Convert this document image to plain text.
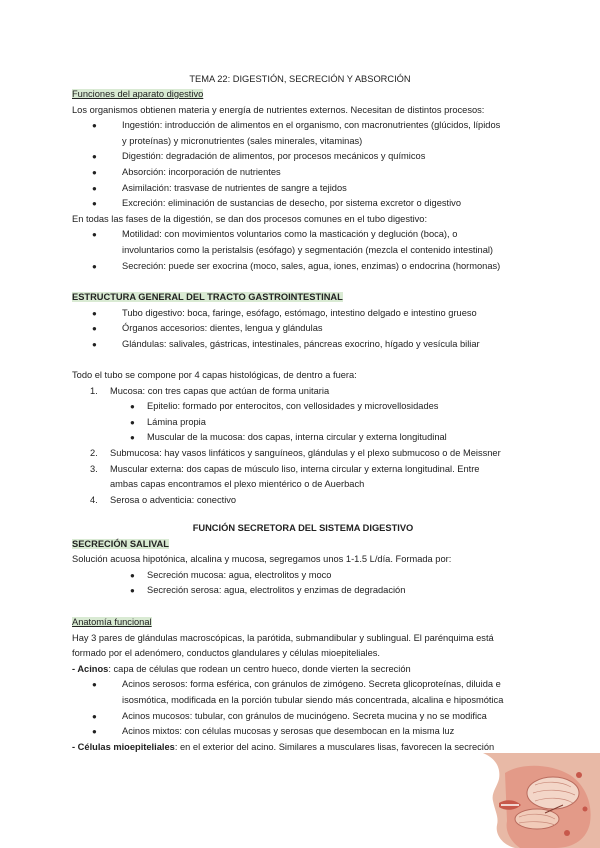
TEMA 22: DIGESTIÓN, SECRECIÓN Y ABSORCIÓN
Funciones del aparato digestivo
Los organismos obtienen materia y energía de nutrientes externos. Necesitan de distintos procesos:
● Ingestión: introducción de alimentos en el organismo, con macronutrientes (glúcidos, lípidos
y proteínas) y micronutrientes (sales minerales, vitaminas)
● Digestión: degradación de alimentos, por procesos mecánicos y químicos
● Absorción: incorporación de nutrientes
● Asimilación: trasvase de nutrientes de sangre a tejidos
● Excreción: eliminación de sustancias de desecho, por sistema excretor o digestivo
En todas las fases de la digestión, se dan dos procesos comunes en el tubo digestivo:
● Motilidad: con movimientos voluntarios como la masticación y deglución (boca), o
involuntarios como la peristalsis (esófago) y segmentación (mezcla el contenido intestinal)
● Secreción: puede ser exocrina (moco, sales, agua, iones, enzimas) o endocrina (hormonas)
ESTRUCTURA GENERAL DEL TRACTO GASTROINTESTINAL
● Tubo digestivo: boca, faringe, esófago, estómago, intestino delgado e intestino grueso
● Órganos accesorios: dientes, lengua y glándulas
● Glándulas: salivales, gástricas, intestinales, páncreas exocrino, hígado y vesícula biliar
Todo el tubo se compone por 4 capas histológicas, de dentro a fuera:
1. Mucosa: con tres capas que actúan de forma unitaria
● Epitelio: formado por enterocitos, con vellosidades y microvellosidades
● Lámina propia
● Muscular de la mucosa: dos capas, interna circular y externa longitudinal
2. Submucosa: hay vasos linfáticos y sanguíneos, glándulas y el plexo submucoso o de Meissner
3. Muscular externa: dos capas de músculo liso, interna circular y externa longitudinal. Entre
ambas capas encontramos el plexo mientérico o de Auerbach
4. Serosa o adventicia: conectivo
FUNCIÓN SECRETORA DEL SISTEMA DIGESTIVO
SECRECIÓN SALIVAL
Solución acuosa hipotónica, alcalina y mucosa, segregamos unos 1-1.5 L/día. Formada por:
● Secreción mucosa: agua, electrolitos y moco
● Secreción serosa: agua, electrolitos y enzimas de degradación
Anatomía funcional
Hay 3 pares de glándulas macroscópicas, la parótida, submandibular y sublingual. El parénquima está
formado por el adenómero, conductos glandulares y células mioepiteliales.
- Acinos: capa de células que rodean un centro hueco, donde vierten la secreción
● Acinos serosos: forma esférica, con gránulos de zimógeno. Secreta glicoproteínas, diluida e
isosmótica, modificada en la porción tubular siendo más concentrada, alcalina e hiposmótica
● Acinos mucosos: tubular, con gránulos de mucinógeno. Secreta mucina y no se modifica
● Acinos mixtos: con células mucosas y serosas que desembocan en la misma luz
- Células mioepiteliales: en el exterior del acino. Similares a musculares lisas, favorecen la secreción
